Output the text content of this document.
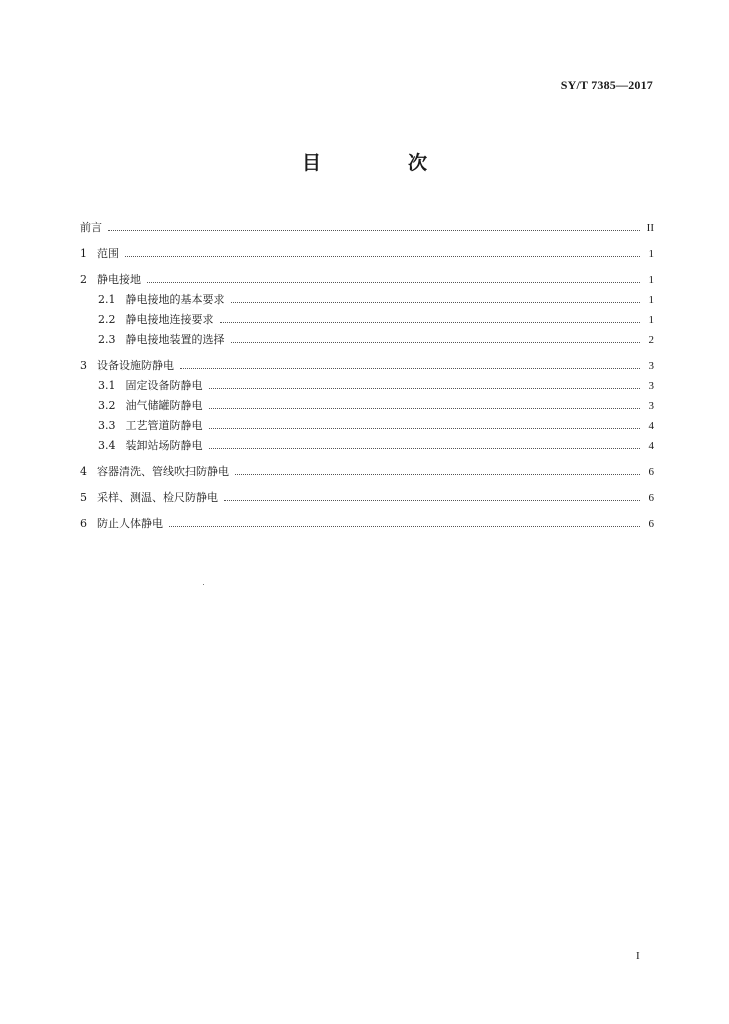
SY/T 7385—2017
目　次
前言	II
1 范围	1
2 静电接地	1
2.1 静电接地的基本要求	1
2.2 静电接地连接要求	1
2.3 静电接地装置的选择	2
3 设备设施防静电	3
3.1 固定设备防静电	3
3.2 油气储罐防静电	3
3.3 工艺管道防静电	4
3.4 装卸站场防静电	4
4 容器清洗、管线吹扫防静电	6
5 采样、测温、检尺防静电	6
6 防止人体静电	6
I
